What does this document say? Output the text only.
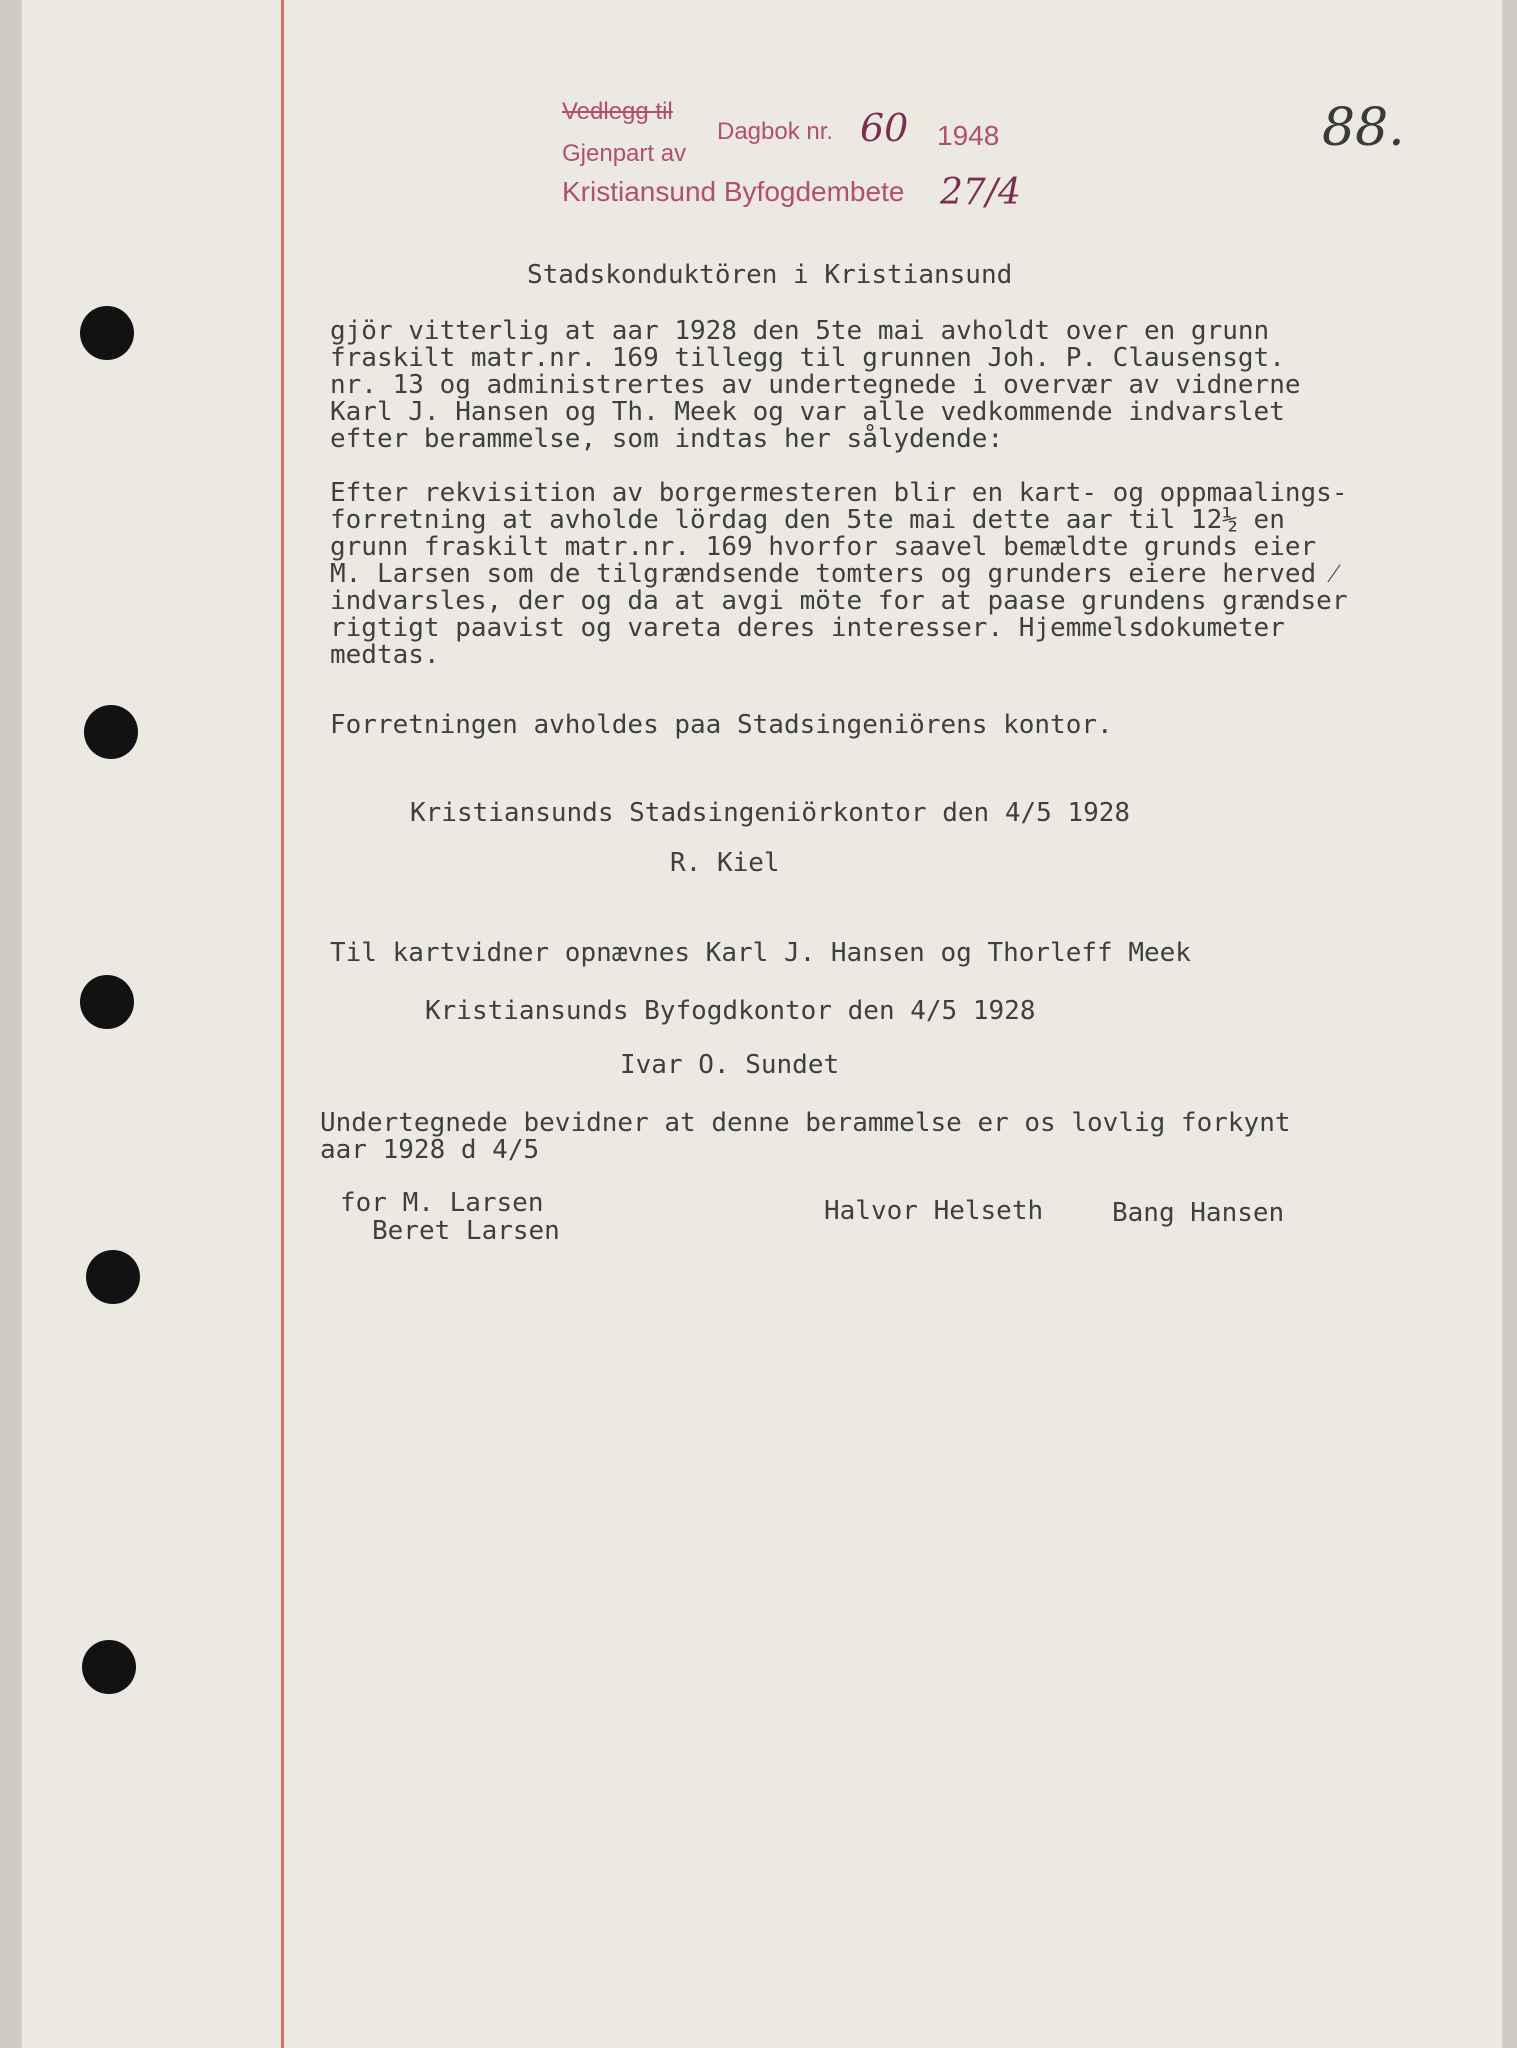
Vedlegg til
Gjenpart av
Dagbok nr. 60 1948
Kristiansund Byfogdembete 27/4
88.

Stadskonduktören i Kristiansund

gjör vitterlig at aar 1928 den 5te mai avholdt over en grunn

fraskilt matr.nr. 169 tillegg til grunnen Joh. P. Clausensgt.

nr. 13 og administrertes av undertegnede i overvær av vidnerne

Karl J. Hansen og Th. Meek og var alle vedkommende indvarslet

efter berammelse, som indtas her sålydende:

Efter rekvisition av borgermesteren blir en kart- og oppmaalings-

forretning at avholde lördag den 5te mai dette aar til 12½ en

grunn fraskilt matr.nr. 169 hvorfor saavel bemældte grunds eier

M. Larsen som de tilgrændsende tomters og grunders eiere herved ⁄

indvarsles, der og da at avgi möte for at paase grundens grændser

rigtigt paavist og vareta deres interesser. Hjemmelsdokumeter

medtas.

Forretningen avholdes paa Stadsingeniörens kontor.

Kristiansunds Stadsingeniörkontor den 4/5 1928

R. Kiel

Til kartvidner opnævnes Karl J. Hansen og Thorleff Meek

Kristiansunds Byfogdkontor den 4/5 1928

Ivar O. Sundet

Undertegnede bevidner at denne berammelse er os lovlig forkynt

aar 1928 d 4/5

for M. Larsen

Beret Larsen

Halvor Helseth	Bang Hansen
